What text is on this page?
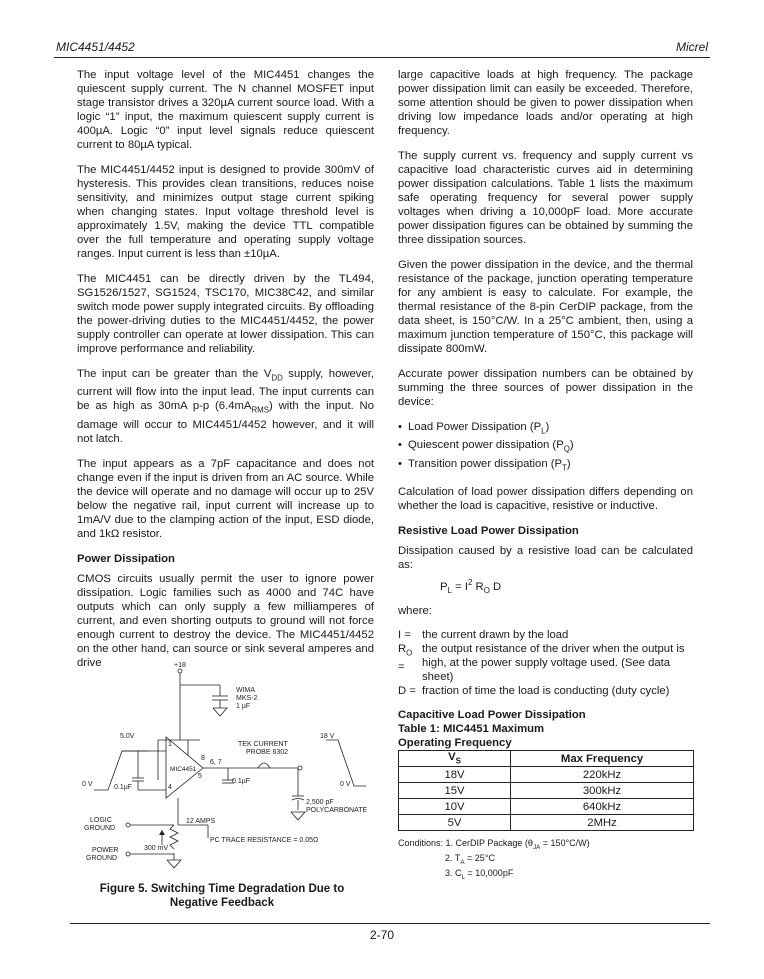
MIC4451/4452	Micrel

The input voltage level of the MIC4451 changes the quiescent supply current. The N channel MOSFET input stage transistor drives a 320µA current source load. With a logic “1” input, the maximum quiescent supply current is 400µA. Logic “0” input level signals reduce quiescent current to 80µA typical.

The MIC4451/4452 input is designed to provide 300mV of hysteresis. This provides clean transitions, reduces noise sensitivity, and minimizes output stage current spiking when changing states. Input voltage threshold level is approximately 1.5V, making the device TTL compatible over the full temperature and operating supply voltage ranges. Input current is less than ±10µA.

The MIC4451 can be directly driven by the TL494, SG1526/1527, SG1524, TSC170, MIC38C42, and similar switch mode power supply integrated circuits. By offloading the power-driving duties to the MIC4451/4452, the power supply controller can operate at lower dissipation. This can improve performance and reliability.

The input can be greater than the $V_{DD}$ supply, however, current will flow into the input lead. The input currents can be as high as 30mA p-p $(6.4mA_{RMS})$ with the input. No damage will occur to MIC4451/4452 however, and it will not latch.

The input appears as a 7pF capacitance and does not change even if the input is driven from an AC source. While the device will operate and no damage will occur up to 25V below the negative rail, input current will increase up to 1mA/V due to the clamping action of the input, ESD diode, and 1kΩ resistor.

Power Dissipation

CMOS circuits usually permit the user to ignore power dissipation. Logic families such as 4000 and 74C have outputs which can only supply a few milliamperes of current, and even shorting outputs to ground will not force enough current to destroy the device. The MIC4451/4452 on the other hand, can source or sink several amperes and drive

large capacitive loads at high frequency. The package power dissipation limit can easily be exceeded. Therefore, some attention should be given to power dissipation when driving low impedance loads and/or operating at high frequency.

The supply current vs. frequency and supply current vs capacitive load characteristic curves aid in determining power dissipation calculations. Table 1 lists the maximum safe operating frequency for several power supply voltages when driving a 10,000pF load. More accurate power dissipation figures can be obtained by summing the three dissipation sources.

Given the power dissipation in the device, and the thermal resistance of the package, junction operating temperature for any ambient is easy to calculate. For example, the thermal resistance of the 8-pin CerDIP package, from the data sheet, is 150°C/W. In a 25°C ambient, then, using a maximum junction temperature of 150°C, this package will dissipate 800mW.

Accurate power dissipation numbers can be obtained by summing the three sources of power dissipation in the device:

• Load Power Dissipation $(P_L)$
• Quiescent power dissipation $(P_Q)$
• Transition power dissipation $(P_T)$

Calculation of load power dissipation differs depending on whether the load is capacitive, resistive or inductive.

Resistive Load Power Dissipation

Dissipation caused by a resistive load can be calculated as:

$P_L = I^2$ $R_O$ D

where:

I = the current drawn by the load
$R_O$ =
the output resistance of the driver when the output is high, at the power supply voltage used. (See data sheet)
D = fraction of time the load is conducting (duty cycle)
Capacitive Load Power Dissipation
+18
WIMA
MKS-2
1 µF
5.0V	18 V
0 V	0 V
0.1µF
0.1µF
1
8
6, 7
5
4
MIC4451
TEK CURRENT
PROBE 6302
2,500 pF
POLYCARBONATE
LOGIC
GROUND
12 AMPS
300 mV
PC TRACE RESISTANCE = 0.05Ω
POWER
GROUND
Figure 5. Switching Time Degradation Due to
Negative Feedback
Table 1: MIC4451 Maximum
Operating Frequency
$V_S$	Max Frequency
18V	220kHz
15V	300kHz
10V	640kHz
5V	2MHz
Conditions: 1. CerDIP Package $(\theta_{JA} = 150^\circ C/W)$
2. $T_A = 25^\circ C$
3. $C_L = 10,000pF$
2-70
